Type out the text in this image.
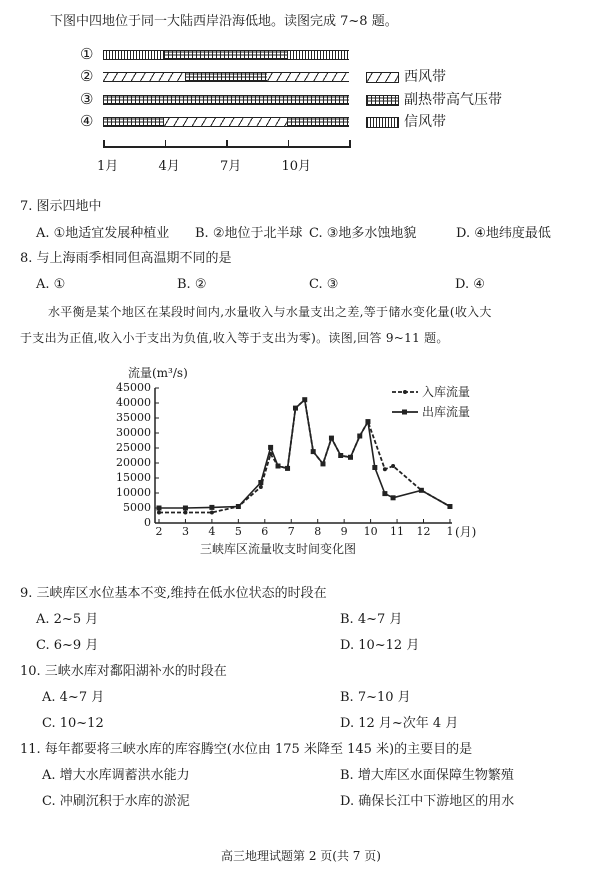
下图中四地位于同一大陆西岸沿海低地。读图完成 7~8 题。
①
②
③
④
西风带
副热带高气压带
信风带
1月	4月	7月	10月
7. 图示四地中
A. ①地适宜发展种植业 B. ②地位于北半球 C. ③地多水蚀地貌	D. ④地纬度最低
8. 与上海雨季相同但高温期不同的是
A. ①	B. ②	C. ③	D. ④
水平衡是某个地区在某段时间内,水量收入与水量支出之差,等于储水变化量(收入大
于支出为正值,收入小于支出为负值,收入等于支出为零)。读图,回答 9~11 题。
流量(m³/s)
入库流量
出库流量
(月)
三峡库区流量收支时间变化图
0
5000
10000
15000
20000
25000
30000
35000
40000
45000
2	3	4	5	6	7	8	9	10 11 12	1
9. 三峡库区水位基本不变,维持在低水位状态的时段在
A. 2~5 月	B. 4~7 月
C. 6~9 月	D. 10~12 月
10. 三峡水库对鄱阳湖补水的时段在
A. 4~7 月	B. 7~10 月
C. 10~12	D. 12 月~次年 4 月
11. 每年都要将三峡水库的库容腾空(水位由 175 米降至 145 米)的主要目的是
A. 增大水库调蓄洪水能力	B. 增大库区水面保障生物繁殖
C. 冲刷沉积于水库的淤泥	D. 确保长江中下游地区的用水
高三地理试题第 2 页(共 7 页)
